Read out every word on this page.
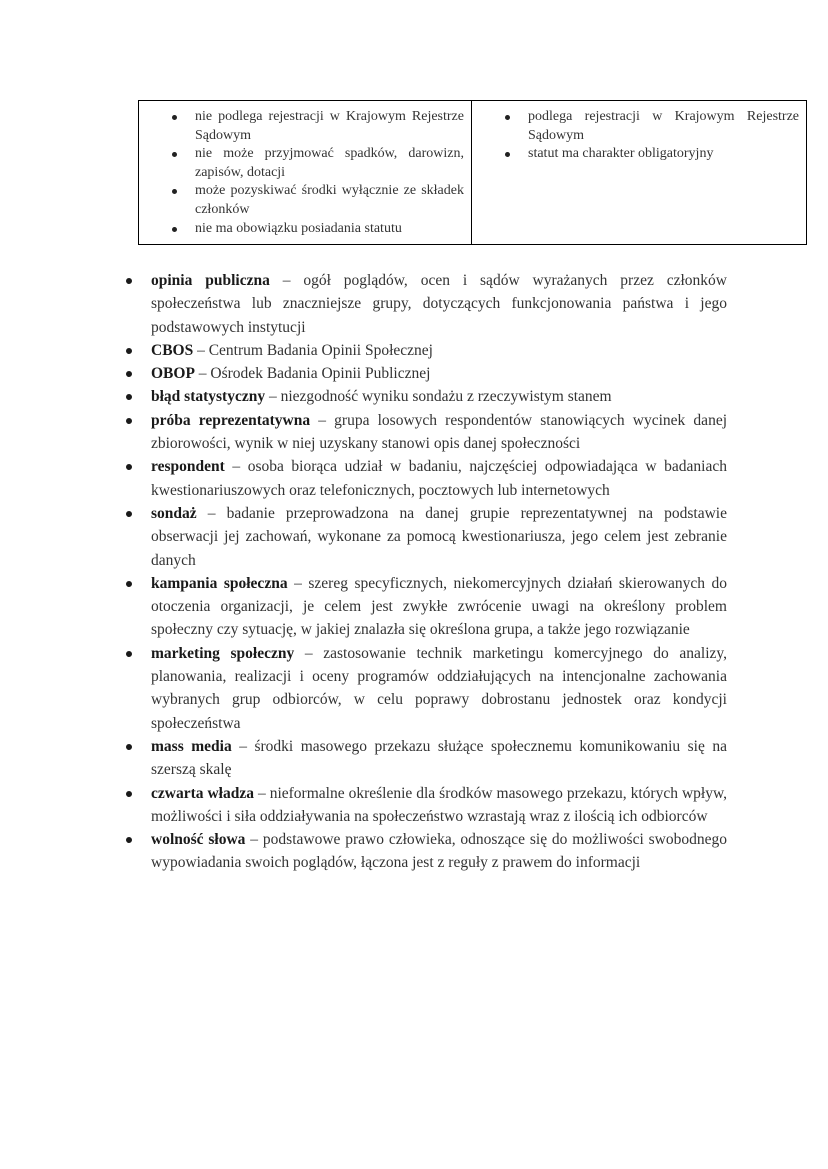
nie podlega rejestracji w Krajowym Rejestrze Sądowym
nie może przyjmować spadków, darowizn, zapisów, dotacji
może pozyskiwać środki wyłącznie ze składek członków
nie ma obowiązku posiadania statutu
podlega rejestracji w Krajowym Rejestrze Sądowym
statut ma charakter obligatoryjny
opinia publiczna – ogół poglądów, ocen i sądów wyrażanych przez członków społeczeństwa lub znaczniejsze grupy, dotyczących funkcjonowania państwa i jego podstawowych instytucji
CBOS – Centrum Badania Opinii Społecznej
OBOP – Ośrodek Badania Opinii Publicznej
błąd statystyczny – niezgodność wyniku sondażu z rzeczywistym stanem
próba reprezentatywna – grupa losowych respondentów stanowiących wycinek danej zbiorowości, wynik w niej uzyskany stanowi opis danej społeczności
respondent – osoba biorąca udział w badaniu, najczęściej odpowiadająca w badaniach kwestionariuszowych oraz telefonicznych, pocztowych lub internetowych
sondaż – badanie przeprowadzona na danej grupie reprezentatywnej na podstawie obserwacji jej zachowań, wykonane za pomocą kwestionariusza, jego celem jest zebranie danych
kampania społeczna – szereg specyficznych, niekomercyjnych działań skierowanych do otoczenia organizacji, je celem jest zwykłe zwrócenie uwagi na określony problem społeczny czy sytuację, w jakiej znalazła się określona grupa, a także jego rozwiązanie
marketing społeczny – zastosowanie technik marketingu komercyjnego do analizy, planowania, realizacji i oceny programów oddziałujących na intencjonalne zachowania wybranych grup odbiorców, w celu poprawy dobrostanu jednostek oraz kondycji społeczeństwa
mass media – środki masowego przekazu służące społecznemu komunikowaniu się na szerszą skalę
czwarta władza – nieformalne określenie dla środków masowego przekazu, których wpływ, możliwości i siła oddziaływania na społeczeństwo wzrastają wraz z ilością ich odbiorców
wolność słowa – podstawowe prawo człowieka, odnoszące się do możliwości swobodnego wypowiadania swoich poglądów, łączona jest z reguły z prawem do informacji
